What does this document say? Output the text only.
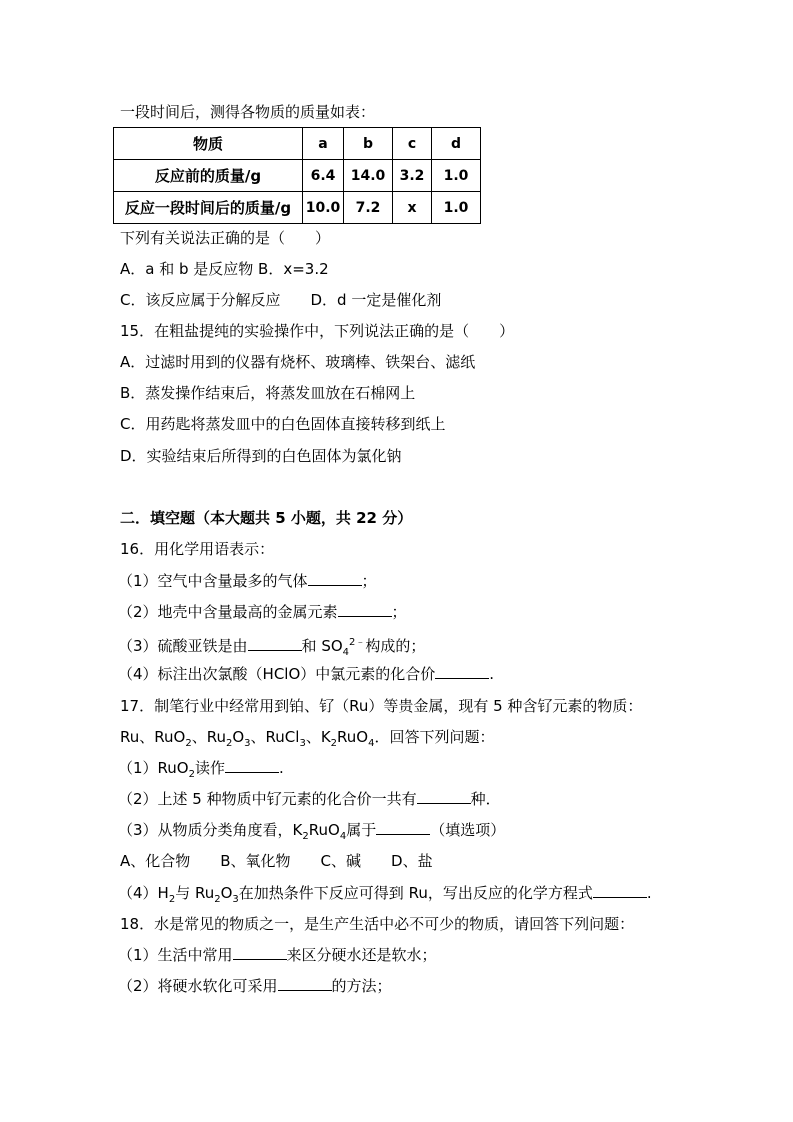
一段时间后，测得各物质的质量如表：
物质	a	b	c	d
反应前的质量/g	6.4	14.0	3.2	1.0
反应一段时间后的质量/g	10.0	7.2	x	1.0
下列有关说法正确的是（　　）
A．a 和 b 是反应物 B．x=3.2
C．该反应属于分解反应　　D．d 一定是催化剂
15．在粗盐提纯的实验操作中，下列说法正确的是（　　）
A．过滤时用到的仪器有烧杯、玻璃棒、铁架台、滤纸
B．蒸发操作结束后，将蒸发皿放在石棉网上
C．用药匙将蒸发皿中的白色固体直接转移到纸上
D．实验结束后所得到的白色固体为氯化钠
二．填空题（本大题共 5 小题，共 22 分）
16．用化学用语表示：
（1）空气中含量最多的气体	；
（2）地壳中含量最高的金属元素	；
（3）硫酸亚铁是由	和 $SO_4^{2﹣}$构成的；
（4）标注出次氯酸（HClO）中氯元素的化合价	.
17．制笔行业中经常用到铂、钌（Ru）等贵金属，现有 5 种含钌元素的物质：
Ru、RuO$_2$、$Ru_2O_3$、RuCl$_3$、$K_2RuO_4$．回答下列问题：
（1）RuO$_2$读作	.
（2）上述 5 种物质中钌元素的化合价一共有	种．
（3）从物质分类角度看，$K_2RuO_4$属于	（填选项）
A、化合物　　B、氧化物　　C、碱　　D、盐
$(4)H_2$与 $Ru_2O_3$在加热条件下反应可得到 Ru，写出反应的化学方程式	.
18．水是常见的物质之一，是生产生活中必不可少的物质，请回答下列问题：
（1）生活中常用	来区分硬水还是软水；
（2）将硬水软化可采用	的方法；
